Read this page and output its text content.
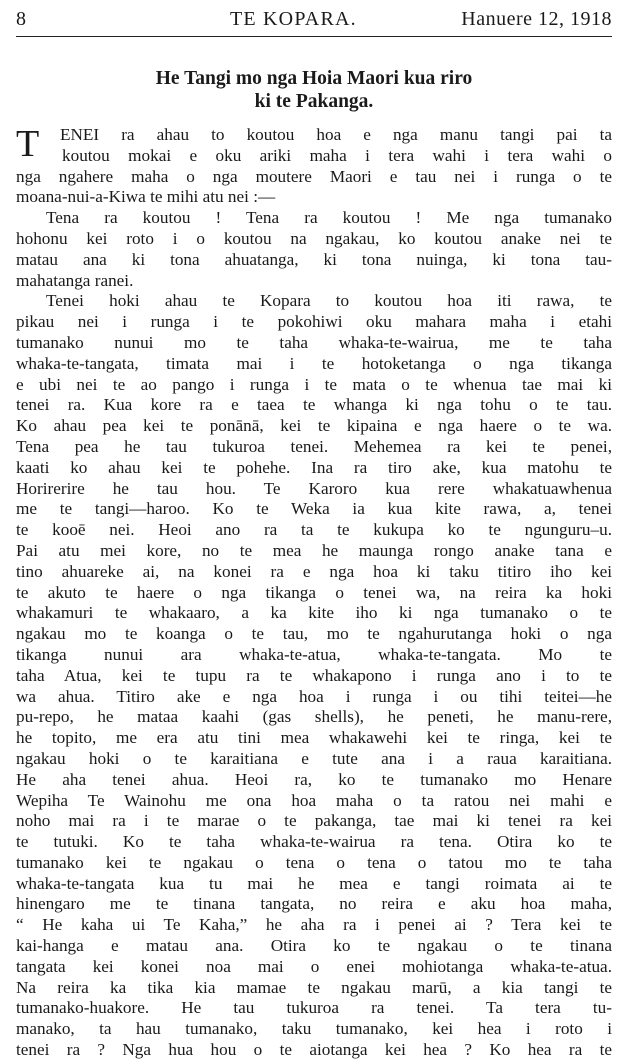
8	TE KOPARA.	Hanuere 12, 1918
He Tangi mo nga Hoia Maori kua riro
ki te Pakanga.
T	ENEI ra ahau to koutou hoa e nga manu tangi pai ta
koutou mokai e oku ariki maha i tera wahi i tera wahi o
nga ngahere maha o nga moutere Maori e tau nei i runga o te
moana-nui-a-Kiwa te mihi atu nei :—
Tena ra koutou ! Tena ra koutou ! Me nga tumanako
hohonu kei roto i o koutou na ngakau, ko koutou anake nei te
matau ana ki tona ahuatanga, ki tona nuinga, ki tona tau-
mahatanga ranei.
Tenei hoki ahau te Kopara to koutou hoa iti rawa, te
pikau nei i runga i te pokohiwi oku mahara maha i etahi
tumanako nunui mo te taha whaka-te-wairua, me te taha
whaka-te-tangata, timata mai i te hotoketanga o nga tikanga
e ubi nei te ao pango i runga i te mata o te whenua tae mai ki
tenei ra. Kua kore ra e taea te whanga ki nga tohu o te tau.
Ko ahau pea kei te ponānā, kei te kipaina e nga haere o te wa.
Tena pea he tau tukuroa tenei. Mehemea ra kei te penei,
kaati ko ahau kei te pohehe. Ina ra tiro ake, kua matohu te
Horirerire he tau hou. Te Karoro kua rere whakatuawhenua
me te tangi—haroo. Ko te Weka ia kua kite rawa, a, tenei
te kooē nei. Heoi ano ra ta te kukupa ko te ngunguru–u.
Pai atu mei kore, no te mea he maunga rongo anake tana e
tino ahuareke ai, na konei ra e nga hoa ki taku titiro iho kei
te akuto te haere o nga tikanga o tenei wa, na reira ka hoki
whakamuri te whakaaro, a ka kite iho ki nga tumanako o te
ngakau mo te koanga o te tau, mo te ngahurutanga hoki o nga
tikanga nunui ara whaka-te-atua, whaka-te-tangata. Mo te
taha Atua, kei te tupu ra te whakapono i runga ano i to te
wa ahua. Titiro ake e nga hoa i runga i ou tihi teitei—he
pu-repo, he mataa kaahi (gas shells), he peneti, he manu-rere,
he topito, me era atu tini mea whakawehi kei te ringa, kei te
ngakau hoki o te karaitiana e tute ana i a raua karaitiana.
He aha tenei ahua. Heoi ra, ko te tumanako mo Henare
Wepiha Te Wainohu me ona hoa maha o ta ratou nei mahi e
noho mai ra i te marae o te pakanga, tae mai ki tenei ra kei
te tutuki. Ko te taha whaka-te-wairua ra tena. Otira ko te
tumanako kei te ngakau o tena o tena o tatou mo te taha
whaka-te-tangata kua tu mai he mea e tangi roimata ai te
hinengaro me te tinana tangata, no reira e aku hoa maha,
“ He kaha ui Te Kaha,” he aha ra i penei ai ? Tera kei te
kai-hanga e matau ana. Otira ko te ngakau o te tinana
tangata kei konei noa mai o enei mohiotanga whaka-te-atua.
Na reira ka tika kia mamae te ngakau marū, a kia tangi te
tumanako-huakore. He tau tukuroa ra tenei. Ta tera tu-
manako, ta hau tumanako, taku tumanako, kei hea i roto i
tenei ra ? Nga hua hou o te aiotanga kei hea ? Ko hea ra te
